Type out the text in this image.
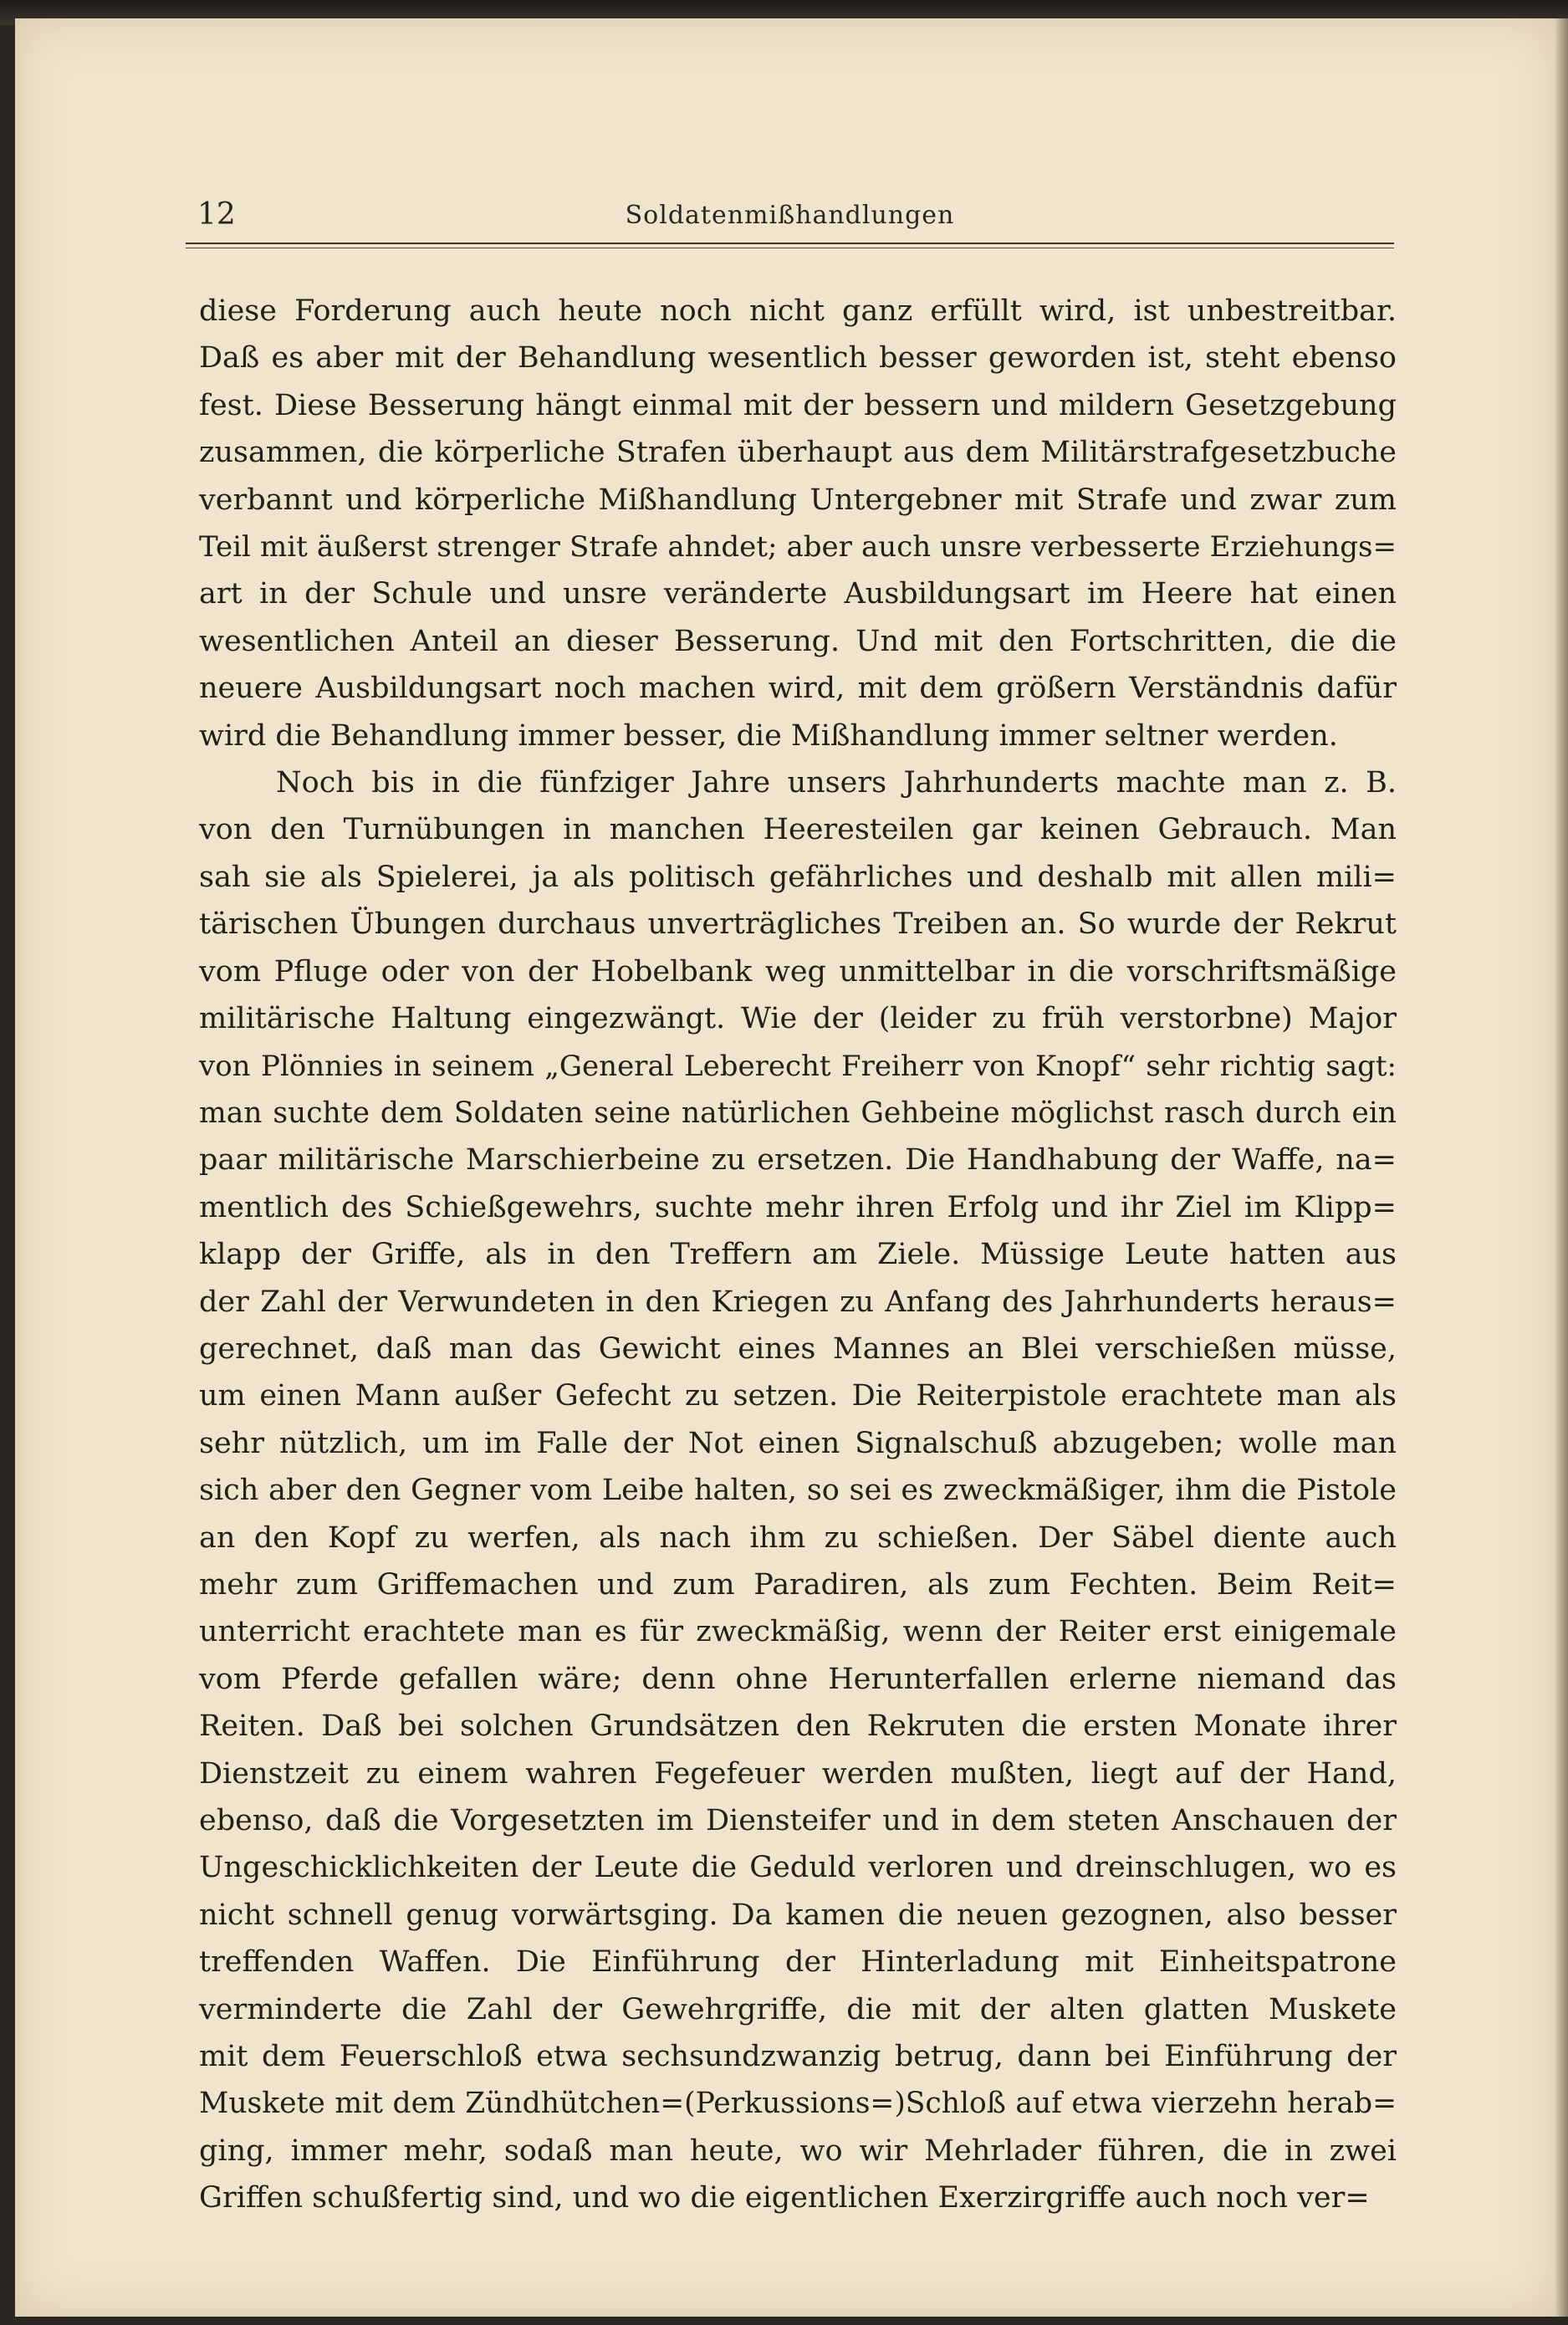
12	Soldatenmißhandlungen
diese Forderung auch heute noch nicht ganz erfüllt wird, ist unbestreitbar.
Daß es aber mit der Behandlung wesentlich besser geworden ist, steht ebenso
fest. Diese Besserung hängt einmal mit der bessern und mildern Gesetzgebung
zusammen, die körperliche Strafen überhaupt aus dem Militärstrafgesetzbuche
verbannt und körperliche Mißhandlung Untergebner mit Strafe und zwar zum
Teil mit äußerst strenger Strafe ahndet; aber auch unsre verbesserte Erziehungs=
art in der Schule und unsre veränderte Ausbildungsart im Heere hat einen
wesentlichen Anteil an dieser Besserung. Und mit den Fortschritten, die die
neuere Ausbildungsart noch machen wird, mit dem größern Verständnis dafür
wird die Behandlung immer besser, die Mißhandlung immer seltner werden.
Noch bis in die fünfziger Jahre unsers Jahrhunderts machte man z. B.
von den Turnübungen in manchen Heeresteilen gar keinen Gebrauch. Man
sah sie als Spielerei, ja als politisch gefährliches und deshalb mit allen mili=
tärischen Übungen durchaus unverträgliches Treiben an. So wurde der Rekrut
vom Pfluge oder von der Hobelbank weg unmittelbar in die vorschriftsmäßige
militärische Haltung eingezwängt. Wie der (leider zu früh verstorbne) Major
von Plönnies in seinem „General Leberecht Freiherr von Knopf“ sehr richtig sagt:
man suchte dem Soldaten seine natürlichen Gehbeine möglichst rasch durch ein
paar militärische Marschierbeine zu ersetzen. Die Handhabung der Waffe, na=
mentlich des Schießgewehrs, suchte mehr ihren Erfolg und ihr Ziel im Klipp=
klapp der Griffe, als in den Treffern am Ziele. Müssige Leute hatten aus
der Zahl der Verwundeten in den Kriegen zu Anfang des Jahrhunderts heraus=
gerechnet, daß man das Gewicht eines Mannes an Blei verschießen müsse,
um einen Mann außer Gefecht zu setzen. Die Reiterpistole erachtete man als
sehr nützlich, um im Falle der Not einen Signalschuß abzugeben; wolle man
sich aber den Gegner vom Leibe halten, so sei es zweckmäßiger, ihm die Pistole
an den Kopf zu werfen, als nach ihm zu schießen. Der Säbel diente auch
mehr zum Griffemachen und zum Paradiren, als zum Fechten. Beim Reit=
unterricht erachtete man es für zweckmäßig, wenn der Reiter erst einigemale
vom Pferde gefallen wäre; denn ohne Herunterfallen erlerne niemand das
Reiten. Daß bei solchen Grundsätzen den Rekruten die ersten Monate ihrer
Dienstzeit zu einem wahren Fegefeuer werden mußten, liegt auf der Hand,
ebenso, daß die Vorgesetzten im Diensteifer und in dem steten Anschauen der
Ungeschicklichkeiten der Leute die Geduld verloren und dreinschlugen, wo es
nicht schnell genug vorwärtsging. Da kamen die neuen gezognen, also besser
treffenden Waffen. Die Einführung der Hinterladung mit Einheitspatrone
verminderte die Zahl der Gewehrgriffe, die mit der alten glatten Muskete
mit dem Feuerschloß etwa sechsundzwanzig betrug, dann bei Einführung der
Muskete mit dem Zündhütchen=(Perkussions=)Schloß auf etwa vierzehn herab=
ging, immer mehr, sodaß man heute, wo wir Mehrlader führen, die in zwei
Griffen schußfertig sind, und wo die eigentlichen Exerzirgriffe auch noch ver=
